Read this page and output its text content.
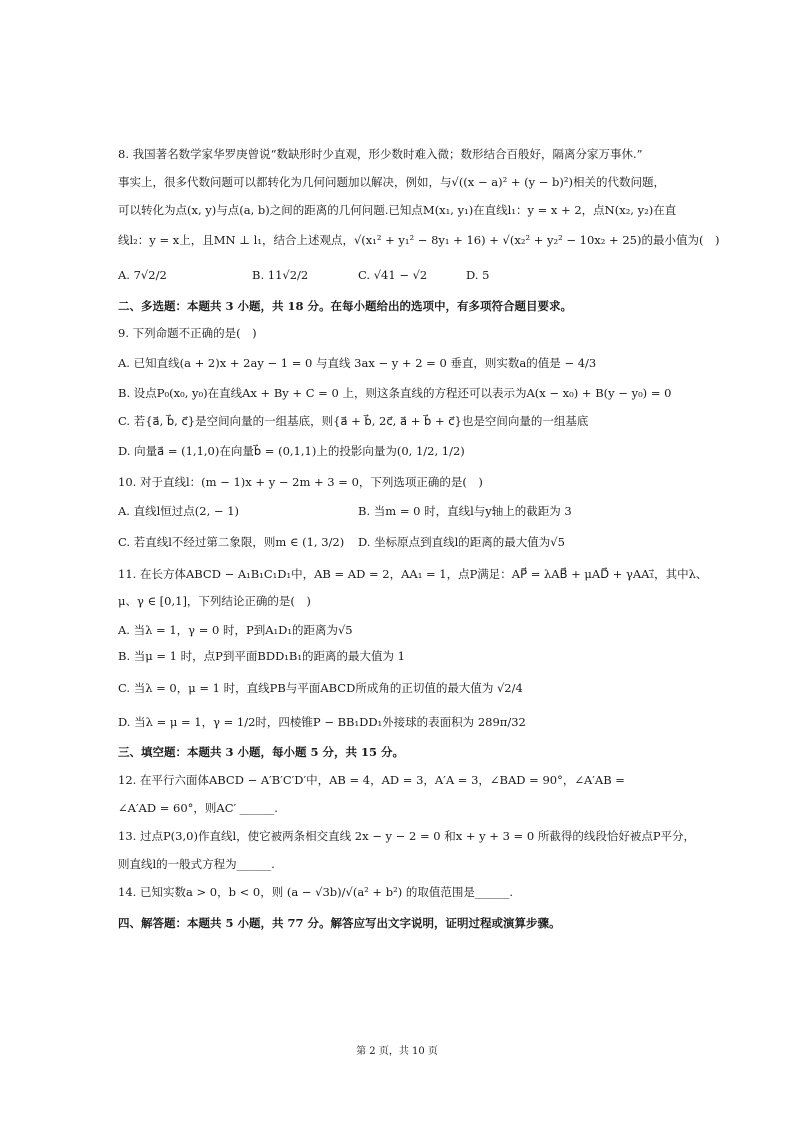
8. 我国著名数学家华罗庚曾说“数缺形时少直观，形少数时难入微；数形结合百般好，隔离分家万事休.”
事实上，很多代数问题可以都转化为几何问题加以解决，例如，与√((x − a)² + (y − b)²)相关的代数问题，
可以转化为点(x, y)与点(a, b)之间的距离的几何问题.已知点M(x₁, y₁)在直线l₁：y = x + 2，点N(x₂, y₂)在直
线l₂：y = x上，且MN ⊥ l₁，结合上述观点，√(x₁² + y₁² − 8y₁ + 16) + √(x₂² + y₂² − 10x₂ + 25)的最小值为(　)
A. 7√2/2	B. 11√2/2	C. √41 − √2	D. 5
二、多选题：本题共 3 小题，共 18 分。在每小题给出的选项中，有多项符合题目要求。
9. 下列命题不正确的是(　)
A. 已知直线(a + 2)x + 2ay − 1 = 0 与直线 3ax − y + 2 = 0 垂直，则实数a的值是 − 4/3
B. 设点P₀(x₀, y₀)在直线Ax + By + C = 0 上，则这条直线的方程还可以表示为A(x − x₀) + B(y − y₀) = 0
C. 若{a⃗, b⃗, c⃗}是空间向量的一组基底，则{a⃗ + b⃗, 2c⃗, a⃗ + b⃗ + c⃗}也是空间向量的一组基底
D. 向量a⃗ = (1,1,0)在向量b⃗ = (0,1,1)上的投影向量为(0, 1/2, 1/2)
10. 对于直线l：(m − 1)x + y − 2m + 3 = 0，下列选项正确的是(　)
A. 直线l恒过点(2, − 1)	B. 当m = 0 时，直线l与y轴上的截距为 3
C. 若直线l不经过第二象限，则m ∈ (1, 3/2) D. 坐标原点到直线l的距离的最大值为√5
11. 在长方体ABCD − A₁B₁C₁D₁中，AB = AD = 2，AA₁ = 1，点P满足：AP⃗ = λAB⃗ + μAD⃗ + γAA₁⃗，其中λ、
μ、γ ∈ [0,1]，下列结论正确的是(　)
A. 当λ = 1，γ = 0 时，P到A₁D₁的距离为√5
B. 当μ = 1 时，点P到平面BDD₁B₁的距离的最大值为 1
C. 当λ = 0，μ = 1 时，直线PB与平面ABCD所成角的正切值的最大值为 √2/4
D. 当λ = μ = 1，γ = 1/2时，四棱锥P − BB₁DD₁外接球的表面积为 289π/32
三、填空题：本题共 3 小题，每小题 5 分，共 15 分。
12. 在平行六面体ABCD − A′B′C′D′中，AB = 4，AD = 3，A′A = 3，∠BAD = 90°，∠A′AB =
∠A′AD = 60°，则AC′ ______.
13. 过点P(3,0)作直线l，使它被两条相交直线 2x − y − 2 = 0 和x + y + 3 = 0 所截得的线段恰好被点P平分，
则直线l的一般式方程为______.
14. 已知实数a > 0，b < 0，则 (a − √3b)/√(a² + b²) 的取值范围是______.
四、解答题：本题共 5 小题，共 77 分。解答应写出文字说明，证明过程或演算步骤。
第 2 页，共 10 页
